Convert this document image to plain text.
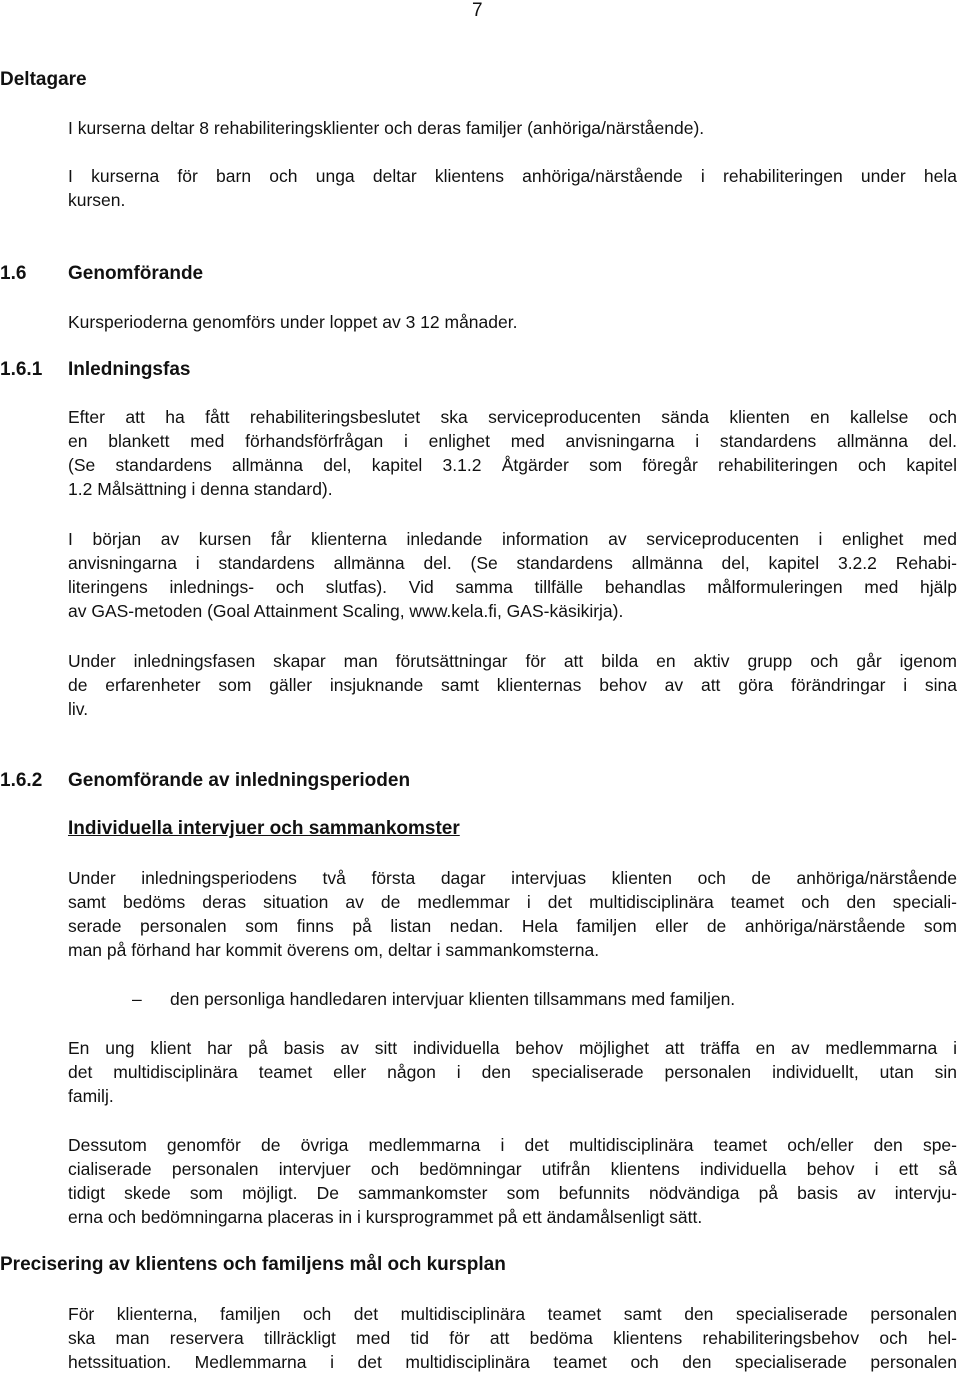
7
Deltagare

I kurserna deltar 8 rehabiliteringsklienter och deras familjer (anhöriga/närstående).

I kurserna för barn och unga deltar klientens anhöriga/närstående i rehabiliteringen under hela
kursen.

1.6 Genomförande

Kursperioderna genomförs under loppet av 3 12 månader.

1.6.1 Inledningsfas

Efter att ha fått rehabiliteringsbeslutet ska serviceproducenten sända klienten en kallelse och
en blankett med förhandsförfrågan i enlighet med anvisningarna i standardens allmänna del.
(Se standardens allmänna del, kapitel 3.1.2 Åtgärder som föregår rehabiliteringen och kapitel
1.2 Målsättning i denna standard).

I början av kursen får klienterna inledande information av serviceproducenten i enlighet med
anvisningarna i standardens allmänna del. (Se standardens allmänna del, kapitel 3.2.2 Rehabi-
literingens inlednings- och slutfas). Vid samma tillfälle behandlas målformuleringen med hjälp
av GAS-metoden (Goal Attainment Scaling, www.kela.fi, GAS-käsikirja).

Under inledningsfasen skapar man förutsättningar för att bilda en aktiv grupp och går igenom
de erfarenheter som gäller insjuknande samt klienternas behov av att göra förändringar i sina
liv.

1.6.2 Genomförande av inledningsperioden
Individuella intervjuer och sammankomster

Under inledningsperiodens två första dagar intervjuas klienten och de anhöriga/närstående
samt bedöms deras situation av de medlemmar i det multidisciplinära teamet och den speciali-
serade personalen som finns på listan nedan. Hela familjen eller de anhöriga/närstående som
man på förhand har kommit överens om, deltar i sammankomsterna.

– den personliga handledaren intervjuar klienten tillsammans med familjen.

En ung klient har på basis av sitt individuella behov möjlighet att träffa en av medlemmarna i
det multidisciplinära teamet eller någon i den specialiserade personalen individuellt, utan sin
familj.

Dessutom genomför de övriga medlemmarna i det multidisciplinära teamet och/eller den spe-
cialiserade personalen intervjuer och bedömningar utifrån klientens individuella behov i ett så
tidigt skede som möjligt. De sammankomster som befunnits nödvändiga på basis av intervju-
erna och bedömningarna placeras in i kursprogrammet på ett ändamålsenligt sätt.

Precisering av klientens och familjens mål och kursplan

För klienterna, familjen och det multidisciplinära teamet samt den specialiserade personalen
ska man reservera tillräckligt med tid för att bedöma klientens rehabiliteringsbehov och hel-
hetssituation. Medlemmarna i det multidisciplinära teamet och den specialiserade personalen
